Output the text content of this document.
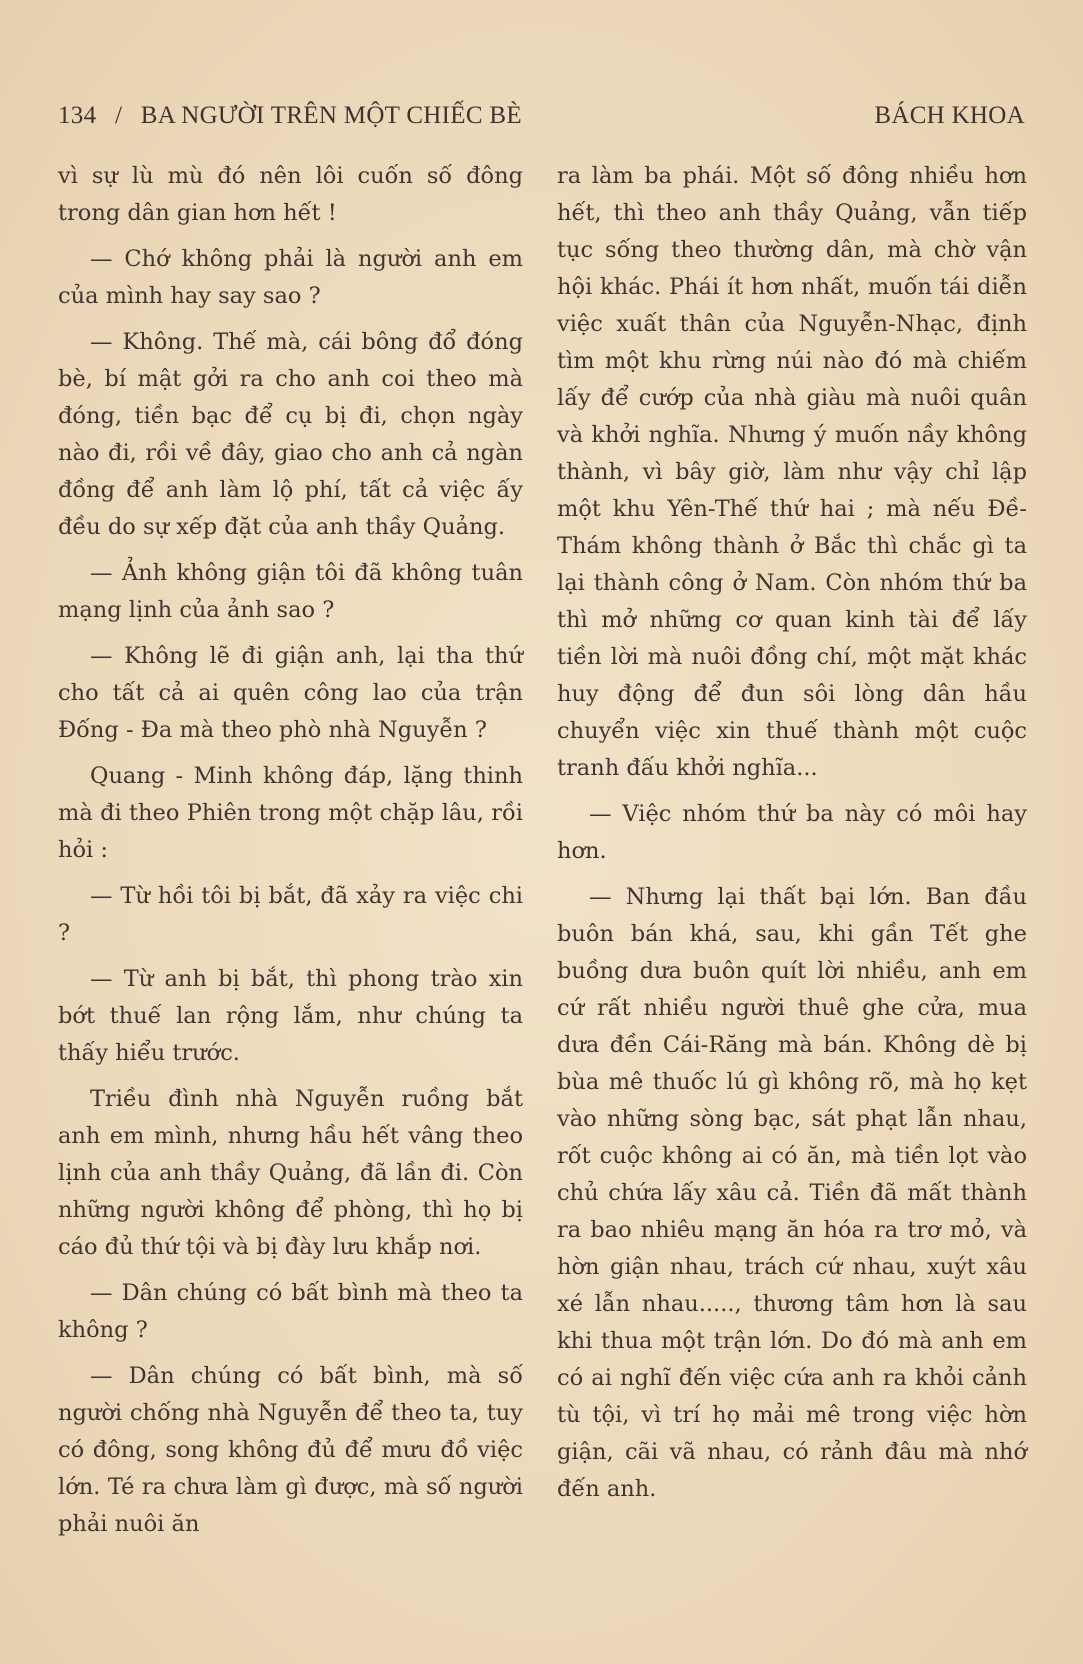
134 / BA NGƯỜI TRÊN MỘT CHIẾC BÈ	BÁCH KHOA

vì sự lù mù đó nên lôi cuốn số đông trong dân gian hơn hết !

— Chớ không phải là người anh em của mình hay say sao ?

— Không. Thế mà, cái bông đổ đóng bè, bí mật gởi ra cho anh coi theo mà đóng, tiền bạc để cụ bị đi, chọn ngày nào đi, rồi về đây, giao cho anh cả ngàn đồng để anh làm lộ phí, tất cả việc ấy đều do sự xếp đặt của anh thầy Quảng.

— Ảnh không giận tôi đã không tuân mạng lịnh của ảnh sao ?

— Không lẽ đi giận anh, lại tha thứ cho tất cả ai quên công lao của trận Đống - Đa mà theo phò nhà Nguyễn ?

Quang - Minh không đáp, lặng thinh mà đi theo Phiên trong một chặp lâu, rồi hỏi :

— Từ hồi tôi bị bắt, đã xảy ra việc chi ?

— Từ anh bị bắt, thì phong trào xin bớt thuế lan rộng lắm, như chúng ta thấy hiểu trước.

Triều đình nhà Nguyễn ruồng bắt anh em mình, nhưng hầu hết vâng theo lịnh của anh thầy Quảng, đã lần đi. Còn những người không để phòng, thì họ bị cáo đủ thứ tội và bị đày lưu khắp nơi.

— Dân chúng có bất bình mà theo ta không ?

— Dân chúng có bất bình, mà số người chống nhà Nguyễn để theo ta, tuy có đông, song không đủ để mưu đồ việc lớn. Té ra chưa làm gì được, mà số người phải nuôi ăn

ra làm ba phái. Một số đông nhiều hơn hết, thì theo anh thầy Quảng, vẫn tiếp tục sống theo thường dân, mà chờ vận hội khác. Phái ít hơn nhất, muốn tái diễn việc xuất thân của Nguyễn-Nhạc, định tìm một khu rừng núi nào đó mà chiếm lấy để cướp của nhà giàu mà nuôi quân và khởi nghĩa. Nhưng ý muốn nầy không thành, vì bây giờ, làm như vậy chỉ lập một khu Yên-Thế thứ hai ; mà nếu Đề-Thám không thành ở Bắc thì chắc gì ta lại thành công ở Nam. Còn nhóm thứ ba thì mở những cơ quan kinh tài để lấy tiền lời mà nuôi đồng chí, một mặt khác huy động để đun sôi lòng dân hầu chuyển việc xin thuế thành một cuộc tranh đấu khởi nghĩa...

— Việc nhóm thứ ba này có môi hay hơn.

— Nhưng lại thất bại lớn. Ban đầu buôn bán khá, sau, khi gần Tết ghe buồng dưa buôn quít lời nhiều, anh em cứ rất nhiều người thuê ghe cửa, mua dưa đền Cái-Răng mà bán. Không dè bị bùa mê thuốc lú gì không rõ, mà họ kẹt vào những sòng bạc, sát phạt lẫn nhau, rốt cuộc không ai có ăn, mà tiền lọt vào chủ chứa lấy xâu cả. Tiền đã mất thành ra bao nhiêu mạng ăn hóa ra trơ mỏ, và hờn giận nhau, trách cứ nhau, xuýt xâu xé lẫn nhau....., thương tâm hơn là sau khi thua một trận lớn. Do đó mà anh em có ai nghĩ đến việc cứa anh ra khỏi cảnh tù tội, vì trí họ mải mê trong việc hờn giận, cãi vã nhau, có rảnh đâu mà nhớ đến anh.
